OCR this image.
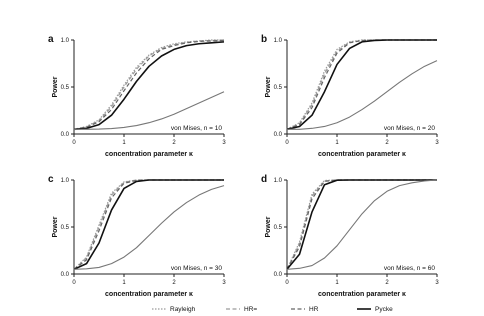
a
0.0
0.5
1.0
0	1	2	3
Power
concentration parameter κ
von Mises, n = 10
b
0.0
0.5
1.0
0	1	2	3
Power
concentration parameter κ
von Mises, n = 20
c
0.0
0.5
1.0
0	1	2	3
Power
concentration parameter κ
von Mises, n = 30
d
0.0
0.5
1.0
0	1	2	3
Power
concentration parameter κ
von Mises, n = 60
Rayleigh	HR=	HR	Pycke
